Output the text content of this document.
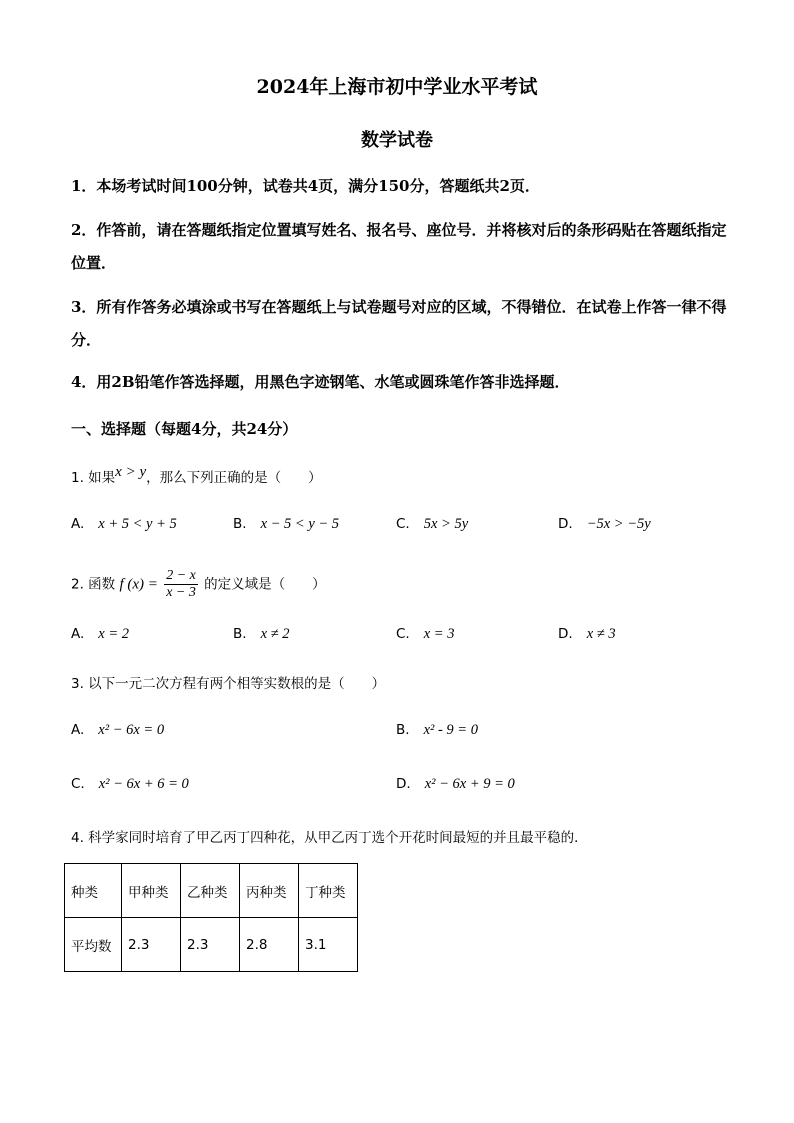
2024年上海市初中学业水平考试
数学试卷
1．本场考试时间100分钟，试卷共4页，满分150分，答题纸共2页．
2．作答前，请在答题纸指定位置填写姓名、报名号、座位号．并将核对后的条形码贴在答题纸指定位置．
3．所有作答务必填涂或书写在答题纸上与试卷题号对应的区域，不得错位．在试卷上作答一律不得分．
4．用2B铅笔作答选择题，用黑色字迹钢笔、水笔或圆珠笔作答非选择题．
一、选择题（每题4分，共24分）
1. 如果x > y，那么下列正确的是（　　）
A. x + 5 < y + 5	B. x − 5 < y − 5	C. 5x > 5y	D. −5x > −5y
2. 函数 f $(x) = \frac{2 - x}{x - 3}$ 的定义域是（　　）
A. x = 2	B. x ≠ 2	C. x = 3	D. x ≠ 3
3. 以下一元二次方程有两个相等实数根的是（　　）
A. x² − 6x = 0	B. x² - 9 = 0
C. x² − 6x + 6 = 0	D. x² − 6x + 9 = 0
4. 科学家同时培育了甲乙丙丁四种花，从甲乙丙丁选个开花时间最短的并且最平稳的．
种类	甲种类	乙种类	丙种类	丁种类
平均数	2.3	2.3	2.8	3.1
